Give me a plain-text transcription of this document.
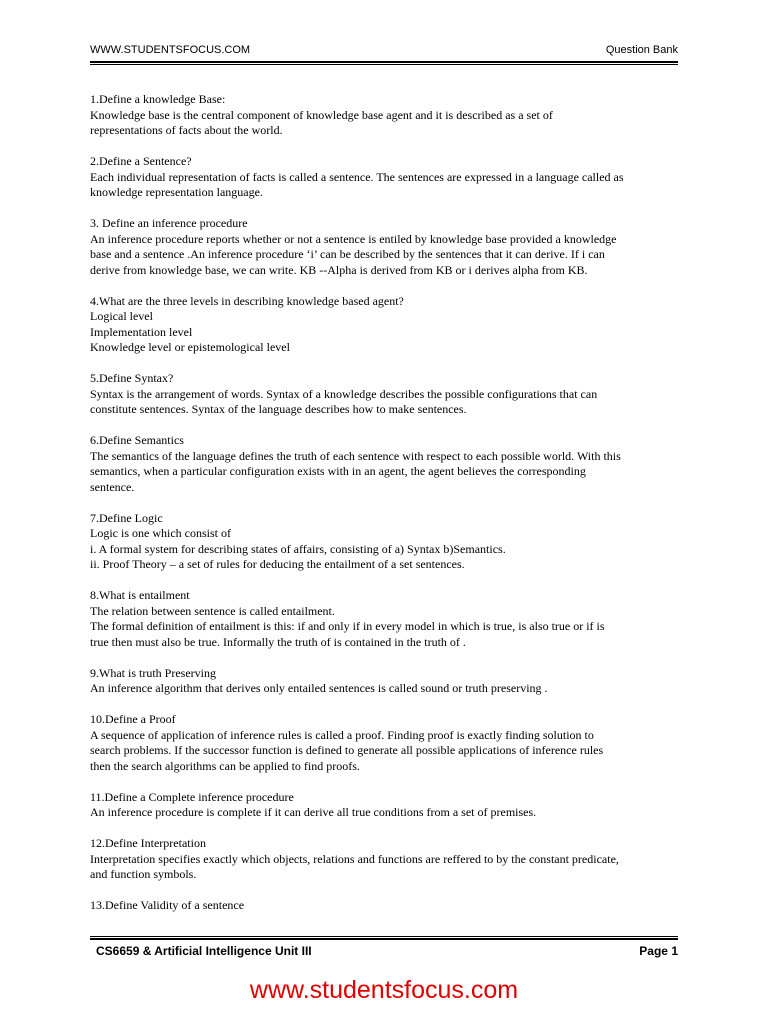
WWW.STUDENTSFOCUS.COM	Question Bank

1.Define a knowledge Base:

Knowledge base is the central component of knowledge base agent and it is described as a set of

representations of facts about the world.

2.Define a Sentence?

Each individual representation of facts is called a sentence. The sentences are expressed in a language called as

knowledge representation language.

3. Define an inference procedure

An inference procedure reports whether or not a sentence is entiled by knowledge base provided a knowledge

base and a sentence .An inference procedure ‘i’ can be described by the sentences that it can derive. If i can

derive from knowledge base, we can write. KB --Alpha is derived from KB or i derives alpha from KB.

4.What are the three levels in describing knowledge based agent?

Logical level

Implementation level

Knowledge level or epistemological level

5.Define Syntax?

Syntax is the arrangement of words. Syntax of a knowledge describes the possible configurations that can

constitute sentences. Syntax of the language describes how to make sentences.

6.Define Semantics

The semantics of the language defines the truth of each sentence with respect to each possible world. With this

semantics, when a particular configuration exists with in an agent, the agent believes the corresponding

sentence.

7.Define Logic

Logic is one which consist of

i. A formal system for describing states of affairs, consisting of a) Syntax b)Semantics.

ii. Proof Theory – a set of rules for deducing the entailment of a set sentences.

8.What is entailment

The relation between sentence is called entailment.

The formal definition of entailment is this: if and only if in every model in which is true, is also true or if is

true then must also be true. Informally the truth of is contained in the truth of .

9.What is truth Preserving

An inference algorithm that derives only entailed sentences is called sound or truth preserving .

10.Define a Proof

A sequence of application of inference rules is called a proof. Finding proof is exactly finding solution to

search problems. If the successor function is defined to generate all possible applications of inference rules

then the search algorithms can be applied to find proofs.

11.Define a Complete inference procedure

An inference procedure is complete if it can derive all true conditions from a set of premises.

12.Define Interpretation

Interpretation specifies exactly which objects, relations and functions are reffered to by the constant predicate,

and function symbols.

13.Define Validity of a sentence

CS6659 & Artificial Intelligence Unit III	Page 1
www.studentsfocus.com
